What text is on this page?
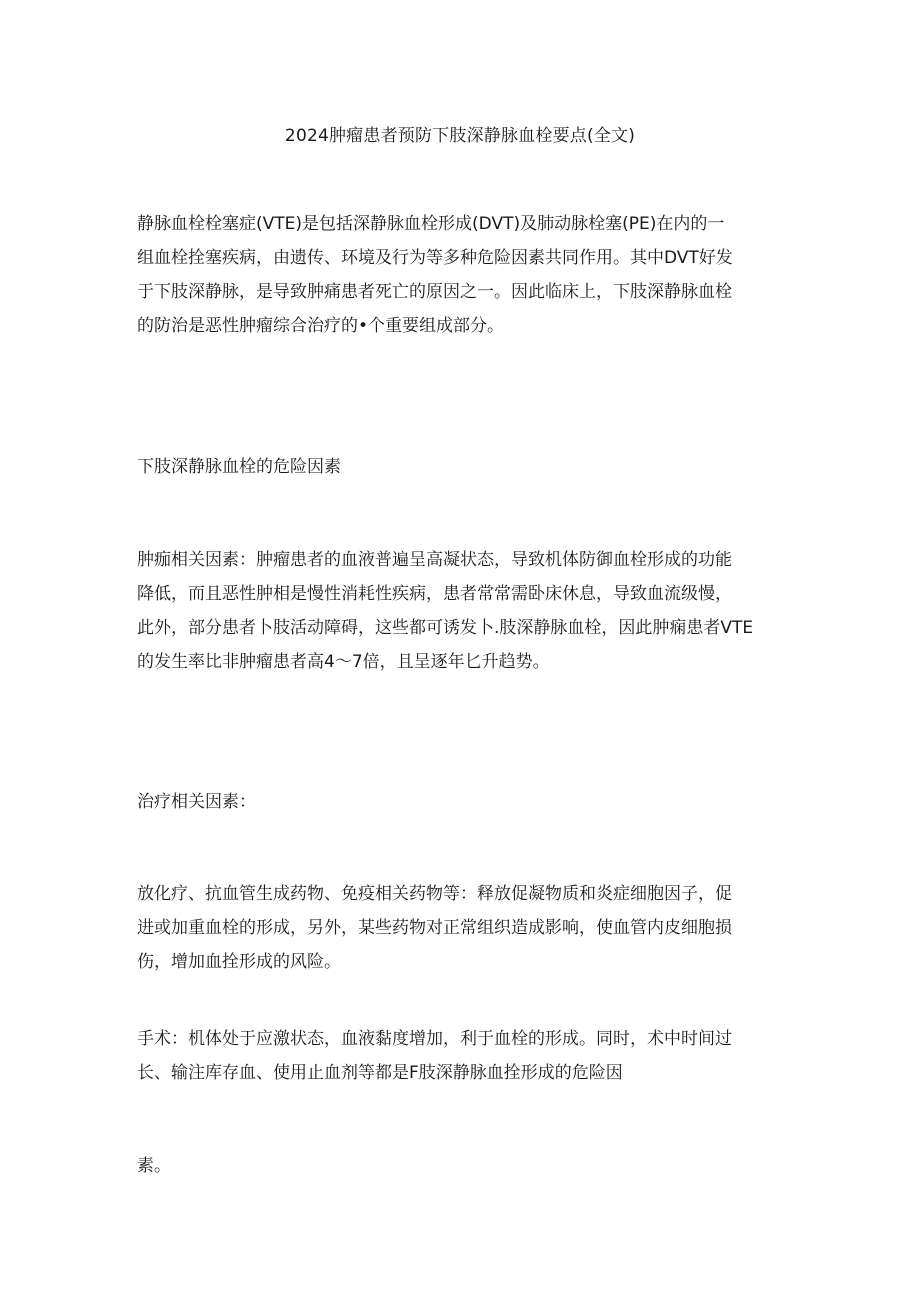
2024肿瘤患者预防下肢深静脉血栓要点(全文)
静脉血栓栓塞症(VTE)是包括深静脉血栓形成(DVT)及肺动脉栓塞(PE)在内的一
组血栓拴塞疾病，由遗传、环境及行为等多种危险因素共同作用。其中DVT好发
于下肢深静脉，是导致肿痛患者死亡的原因之一。因此临床上，下肢深静脉血栓
的防治是恶性肿瘤综合治疗的•个重要组成部分。
下肢深静脉血栓的危险因素
肿痂相关因素：肿瘤患者的血液普遍呈高凝状态，导致机体防御血栓形成的功能
降低，而且恶性肿相是慢性消耗性疾病，患者常常需卧床休息，导致血流级慢，
此外，部分患者卜肢活动障碍，这些都可诱发卜.肢深静脉血栓，因此肿痫患者VTE
的发生率比非肿瘤患者高4～7倍，且呈逐年匕升趋势。
治疗相关因素：
放化疗、抗血管生成药物、免疫相关药物等：释放促凝物质和炎症细胞因子，促
进或加重血栓的形成，另外，某些药物对正常组织造成影响，使血管内皮细胞损
伤，增加血拴形成的风险。
手术：机体处于应激状态，血液黏度增加，利于血栓的形成。同时，术中时间过
长、输注库存血、使用止血剂等都是F肢深静脉血拴形成的危险因
素。
